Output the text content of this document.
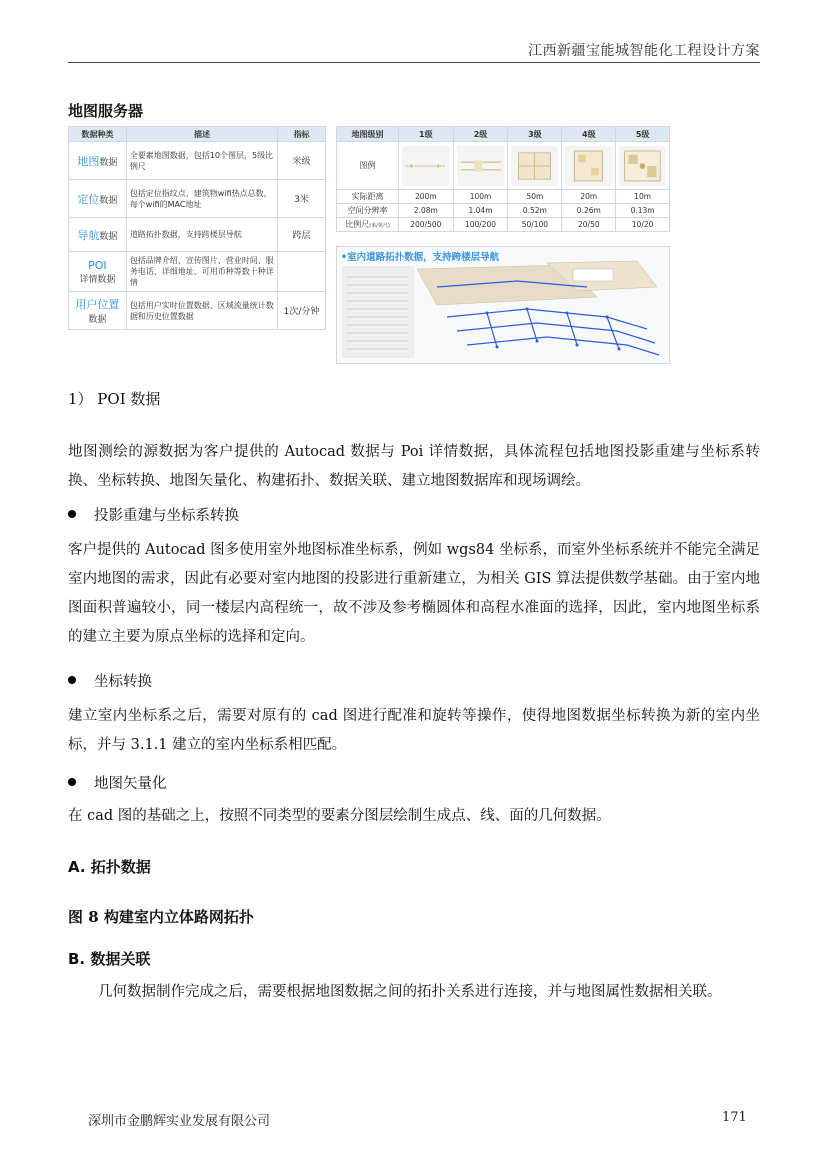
江西新疆宝能城智能化工程设计方案
地图服务器
数据种类	描述	指标
地图数据	全要素地图数据，包括10个图层，5级比例尺	米级
定位数据	包括定位指纹点、建筑物wifi热点总数，每个wifi的MAC地址	3米
导航数据	道路拓扑数据，支持跨楼层导航	跨层
POI
详情数据	包括品牌介绍、宣传图片、营业时间、服务电话、详细地址、可用币种等数十种详情	
用户位置
数据	包括用户实时位置数据、区域流量统计数据和历史位置数据	1次/分钟
地图级别	1级	2级	3级	4级	5级
图例	

实际距离	200m	100m	50m	20m	10m
空间分辨率	2.08m	1.04m	0.52m	0.26m	0.13m
比例尺(米/英尺)	200/500	100/200	50/100	20/50	10/20
•室内道路拓扑数据，支持跨楼层导航
1） POI 数据

地图测绘的源数据为客户提供的 Autocad 数据与 Poi 详情数据，具体流程包括地图投影重建与坐标系转换、坐标转换、地图矢量化、构建拓扑、数据关联、建立地图数据库和现场调绘。

投影重建与坐标系转换

客户提供的 Autocad 图多使用室外地图标准坐标系，例如 wgs84 坐标系，而室外坐标系统并不能完全满足室内地图的需求，因此有必要对室内地图的投影进行重新建立，为相关 GIS 算法提供数学基础。由于室内地图面积普遍较小，同一楼层内高程统一，故不涉及参考椭圆体和高程水准面的选择，因此，室内地图坐标系的建立主要为原点坐标的选择和定向。

坐标转换

建立室内坐标系之后，需要对原有的 cad 图进行配准和旋转等操作，使得地图数据坐标转换为新的室内坐标，并与 3.1.1 建立的室内坐标系相匹配。

地图矢量化

在 cad 图的基础之上，按照不同类型的要素分图层绘制生成点、线、面的几何数据。

A. 拓扑数据
图 8 构建室内立体路网拓扑
B. 数据关联

几何数据制作完成之后，需要根据地图数据之间的拓扑关系进行连接，并与地图属性数据相关联。

深圳市金鹏辉实业发展有限公司	171
